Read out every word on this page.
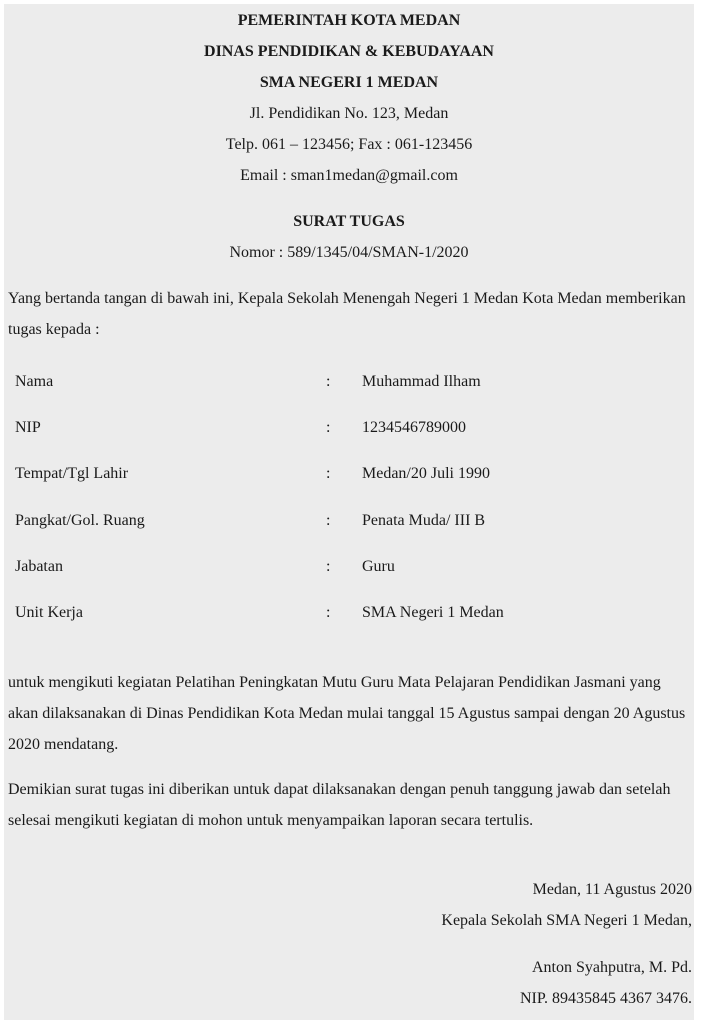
PEMERINTAH KOTA MEDAN
DINAS PENDIDIKAN & KEBUDAYAAN
SMA NEGERI 1 MEDAN
Jl. Pendidikan No. 123, Medan
Telp. 061 – 123456; Fax : 061-123456
Email : sman1medan@gmail.com
SURAT TUGAS
Nomor : 589/1345/04/SMAN-1/2020

Yang bertanda tangan di bawah ini, Kepala Sekolah Menengah Negeri 1 Medan Kota Medan memberikan tugas kepada :

Nama	: Muhammad Ilham
NIP	: 1234546789000
Tempat/Tgl Lahir	: Medan/20 Juli 1990
Pangkat/Gol. Ruang	: Penata Muda/ III B
Jabatan	: Guru
Unit Kerja	: SMA Negeri 1 Medan

untuk mengikuti kegiatan Pelatihan Peningkatan Mutu Guru Mata Pelajaran Pendidikan Jasmani yang akan dilaksanakan di Dinas Pendidikan Kota Medan mulai tanggal 15 Agustus sampai dengan 20 Agustus 2020 mendatang.

Demikian surat tugas ini diberikan untuk dapat dilaksanakan dengan penuh tanggung jawab dan setelah selesai mengikuti kegiatan di mohon untuk menyampaikan laporan secara tertulis.

Medan, 11 Agustus 2020
Kepala Sekolah SMA Negeri 1 Medan,
Anton Syahputra, M. Pd.
NIP. 89435845 4367 3476.
